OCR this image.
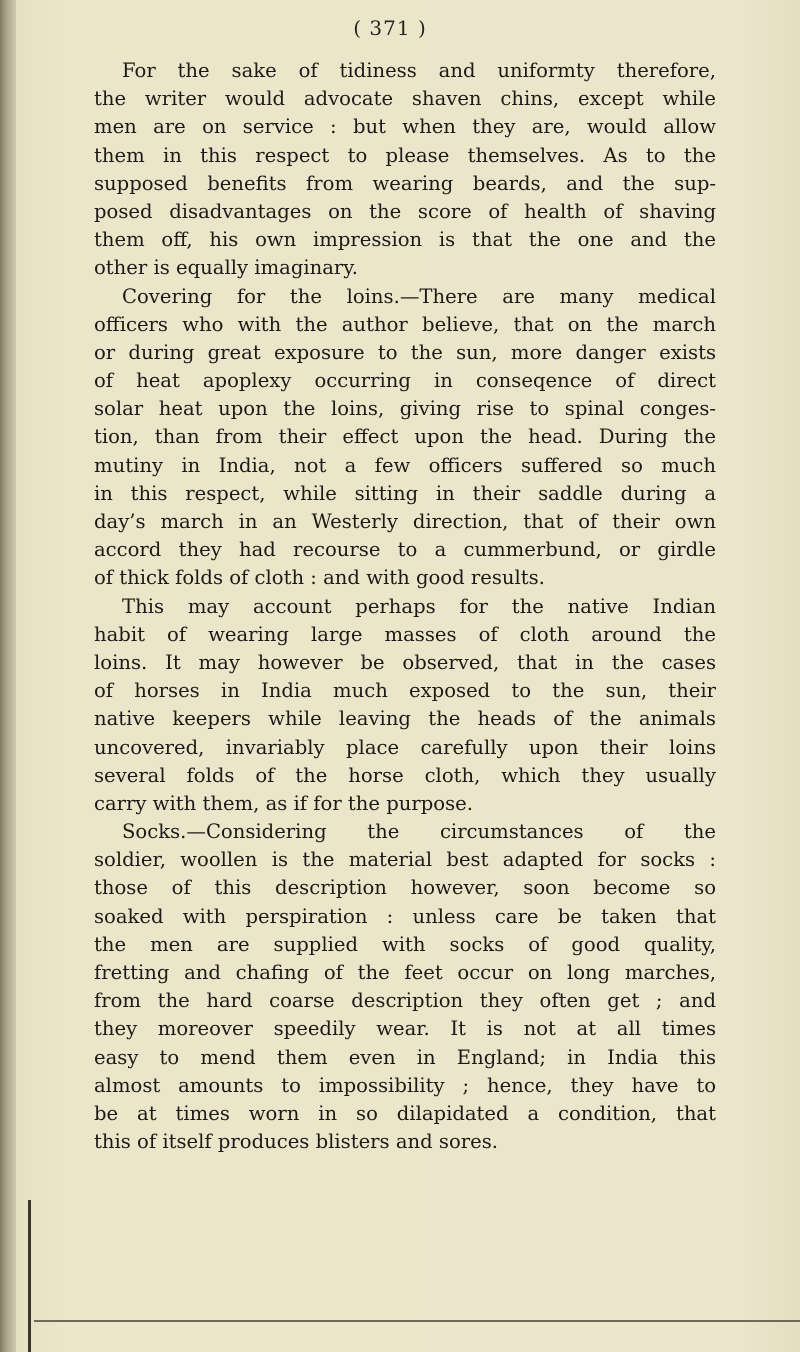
( 371 )
For the sake of tidiness and uniformty therefore,
the writer would advocate shaven chins, except while
men are on service : but when they are, would allow
them in this respect to please themselves. As to the
supposed benefits from wearing beards, and the sup-
posed disadvantages on the score of health of shaving
them off, his own impression is that the one and the
other is equally imaginary.
Covering for the loins.—There are many medical
officers who with the author believe, that on the march
or during great exposure to the sun, more danger exists
of heat apoplexy occurring in conseqence of direct
solar heat upon the loins, giving rise to spinal conges-
tion, than from their effect upon the head. During the
mutiny in India, not a few officers suffered so much
in this respect, while sitting in their saddle during a
day’s march in an Westerly direction, that of their own
accord they had recourse to a cummerbund, or girdle
of thick folds of cloth : and with good results.
This may account perhaps for the native Indian
habit of wearing large masses of cloth around the
loins. It may however be observed, that in the cases
of horses in India much exposed to the sun, their
native keepers while leaving the heads of the animals
uncovered, invariably place carefully upon their loins
several folds of the horse cloth, which they usually
carry with them, as if for the purpose.
Socks.—Considering the circumstances of the
soldier, woollen is the material best adapted for socks :
those of this description however, soon become so
soaked with perspiration : unless care be taken that
the men are supplied with socks of good quality,
fretting and chafing of the feet occur on long marches,
from the hard coarse description they often get ; and
they moreover speedily wear. It is not at all times
easy to mend them even in England; in India this
almost amounts to impossibility ; hence, they have to
be at times worn in so dilapidated a condition, that
this of itself produces blisters and sores.
